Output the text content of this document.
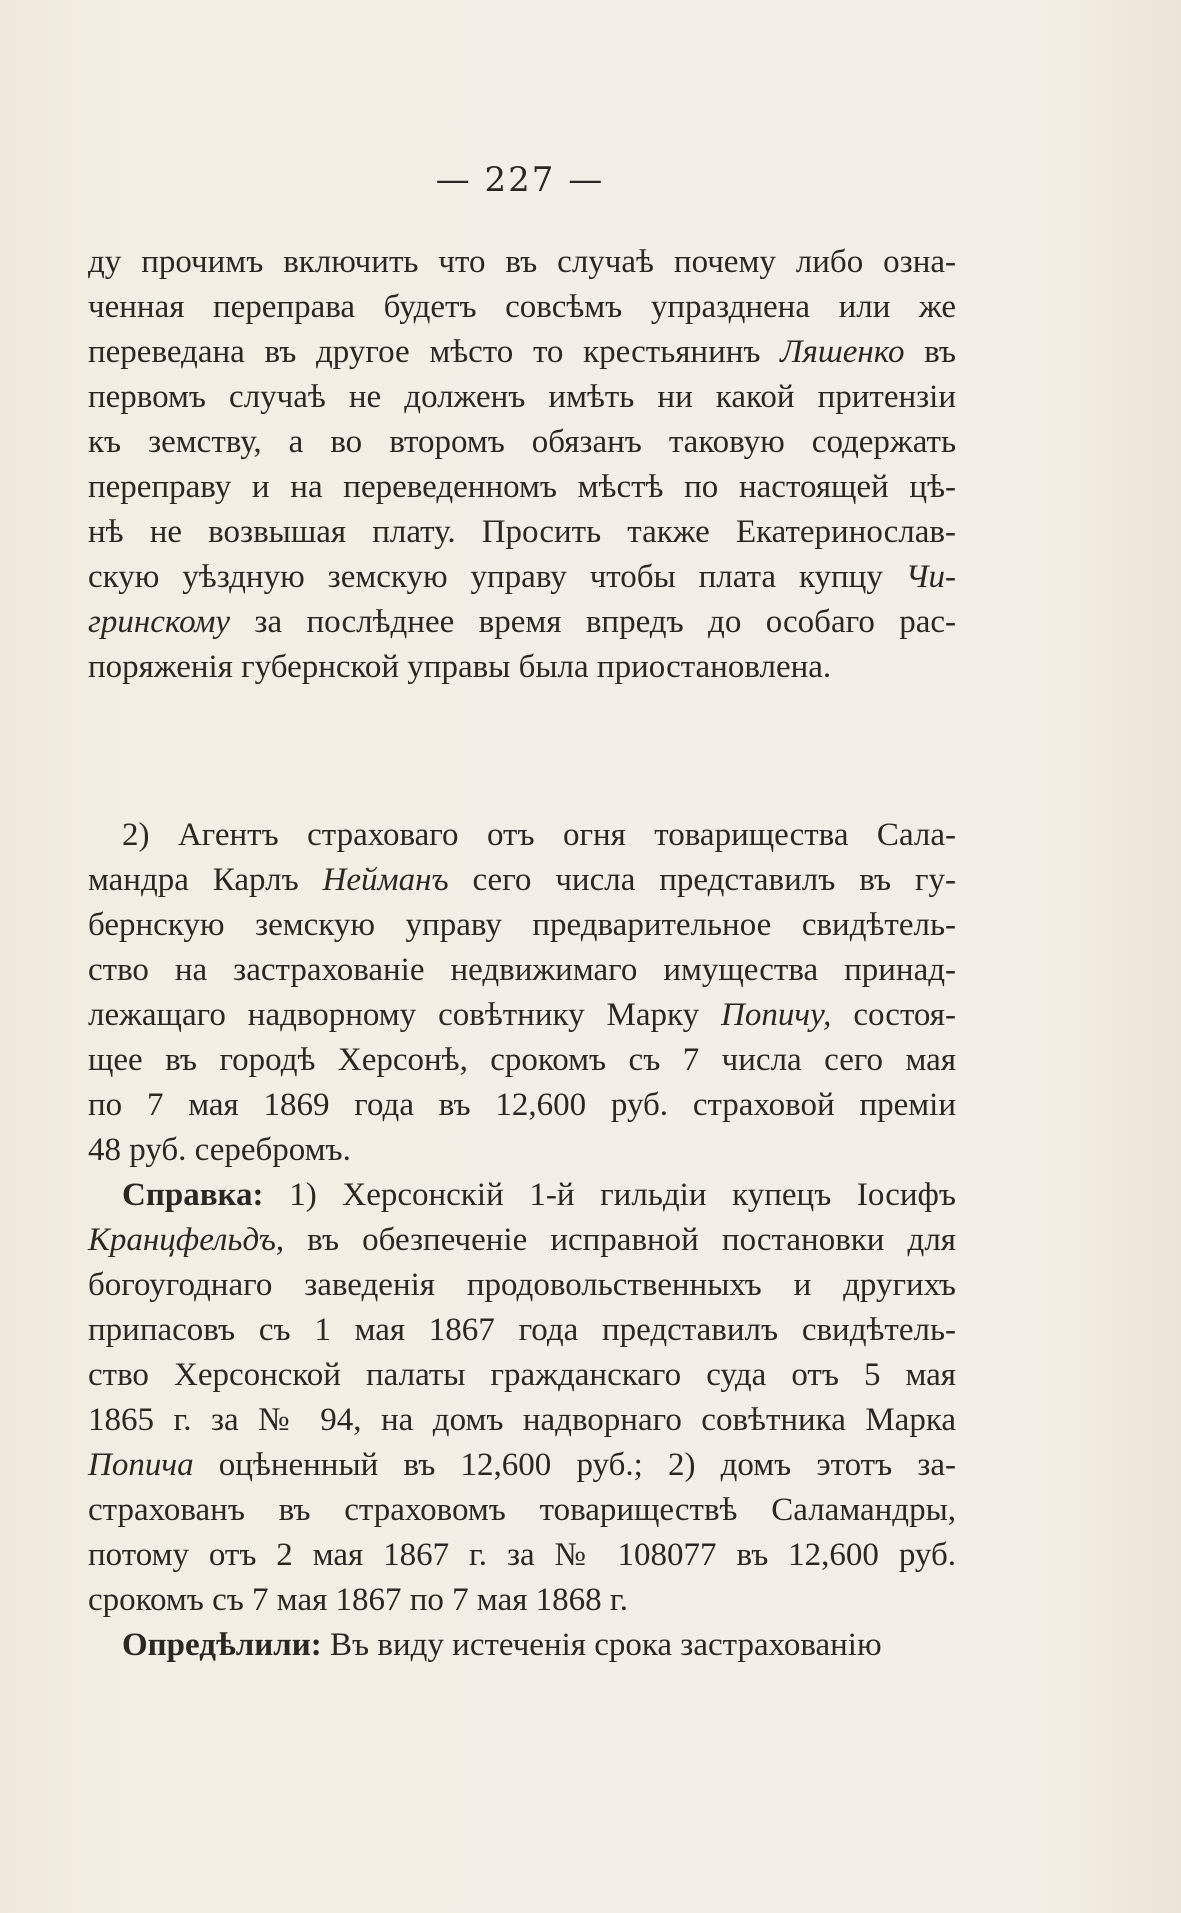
— 227 —
ду прочимъ включить что въ случаѣ почему либо озна-
ченная переправа будетъ совсѣмъ упразднена или же
переведана въ другое мѣсто то крестьянинъ Ляшенко въ
первомъ случаѣ не долженъ имѣть ни какой притензіи
къ земству, а во второмъ обязанъ таковую содержать
переправу и на переведенномъ мѣстѣ по настоящей цѣ-
нѣ не возвышая плату. Просить также Екатеринослав-
скую уѣздную земскую управу чтобы плата купцу Чи-
гринскому за послѣднее время впредъ до особаго рас-
поряженія губернской управы была приостановлена.
2) Агентъ страховаго отъ огня товарищества Сала-
мандра Карлъ Нейманъ сего числа представилъ въ гу-
бернскую земскую управу предварительное свидѣтель-
ство на застрахованіе недвижимаго имущества принад-
лежащаго надворному совѣтнику Марку Попичу, состоя-
щее въ городѣ Херсонѣ, срокомъ съ 7 числа сего мая
по 7 мая 1869 года въ 12,600 руб. страховой преміи
48 руб. серебромъ.
Справка: 1) Херсонскій 1-й гильдіи купецъ Іосифъ
Кранцфельдъ, въ обезпеченіе исправной постановки для
богоугоднаго заведенія продовольственныхъ и другихъ
припасовъ съ 1 мая 1867 года представилъ свидѣтель-
ство Херсонской палаты гражданскаго суда отъ 5 мая
1865 г. за № 94, на домъ надворнаго совѣтника Марка
Попича оцѣненный въ 12,600 руб.; 2) домъ этотъ за-
страхованъ въ страховомъ товариществѣ Саламандры,
потому отъ 2 мая 1867 г. за № 108077 въ 12,600 руб.
срокомъ съ 7 мая 1867 по 7 мая 1868 г.
Опредѣлили: Въ виду истеченія срока застрахованію
